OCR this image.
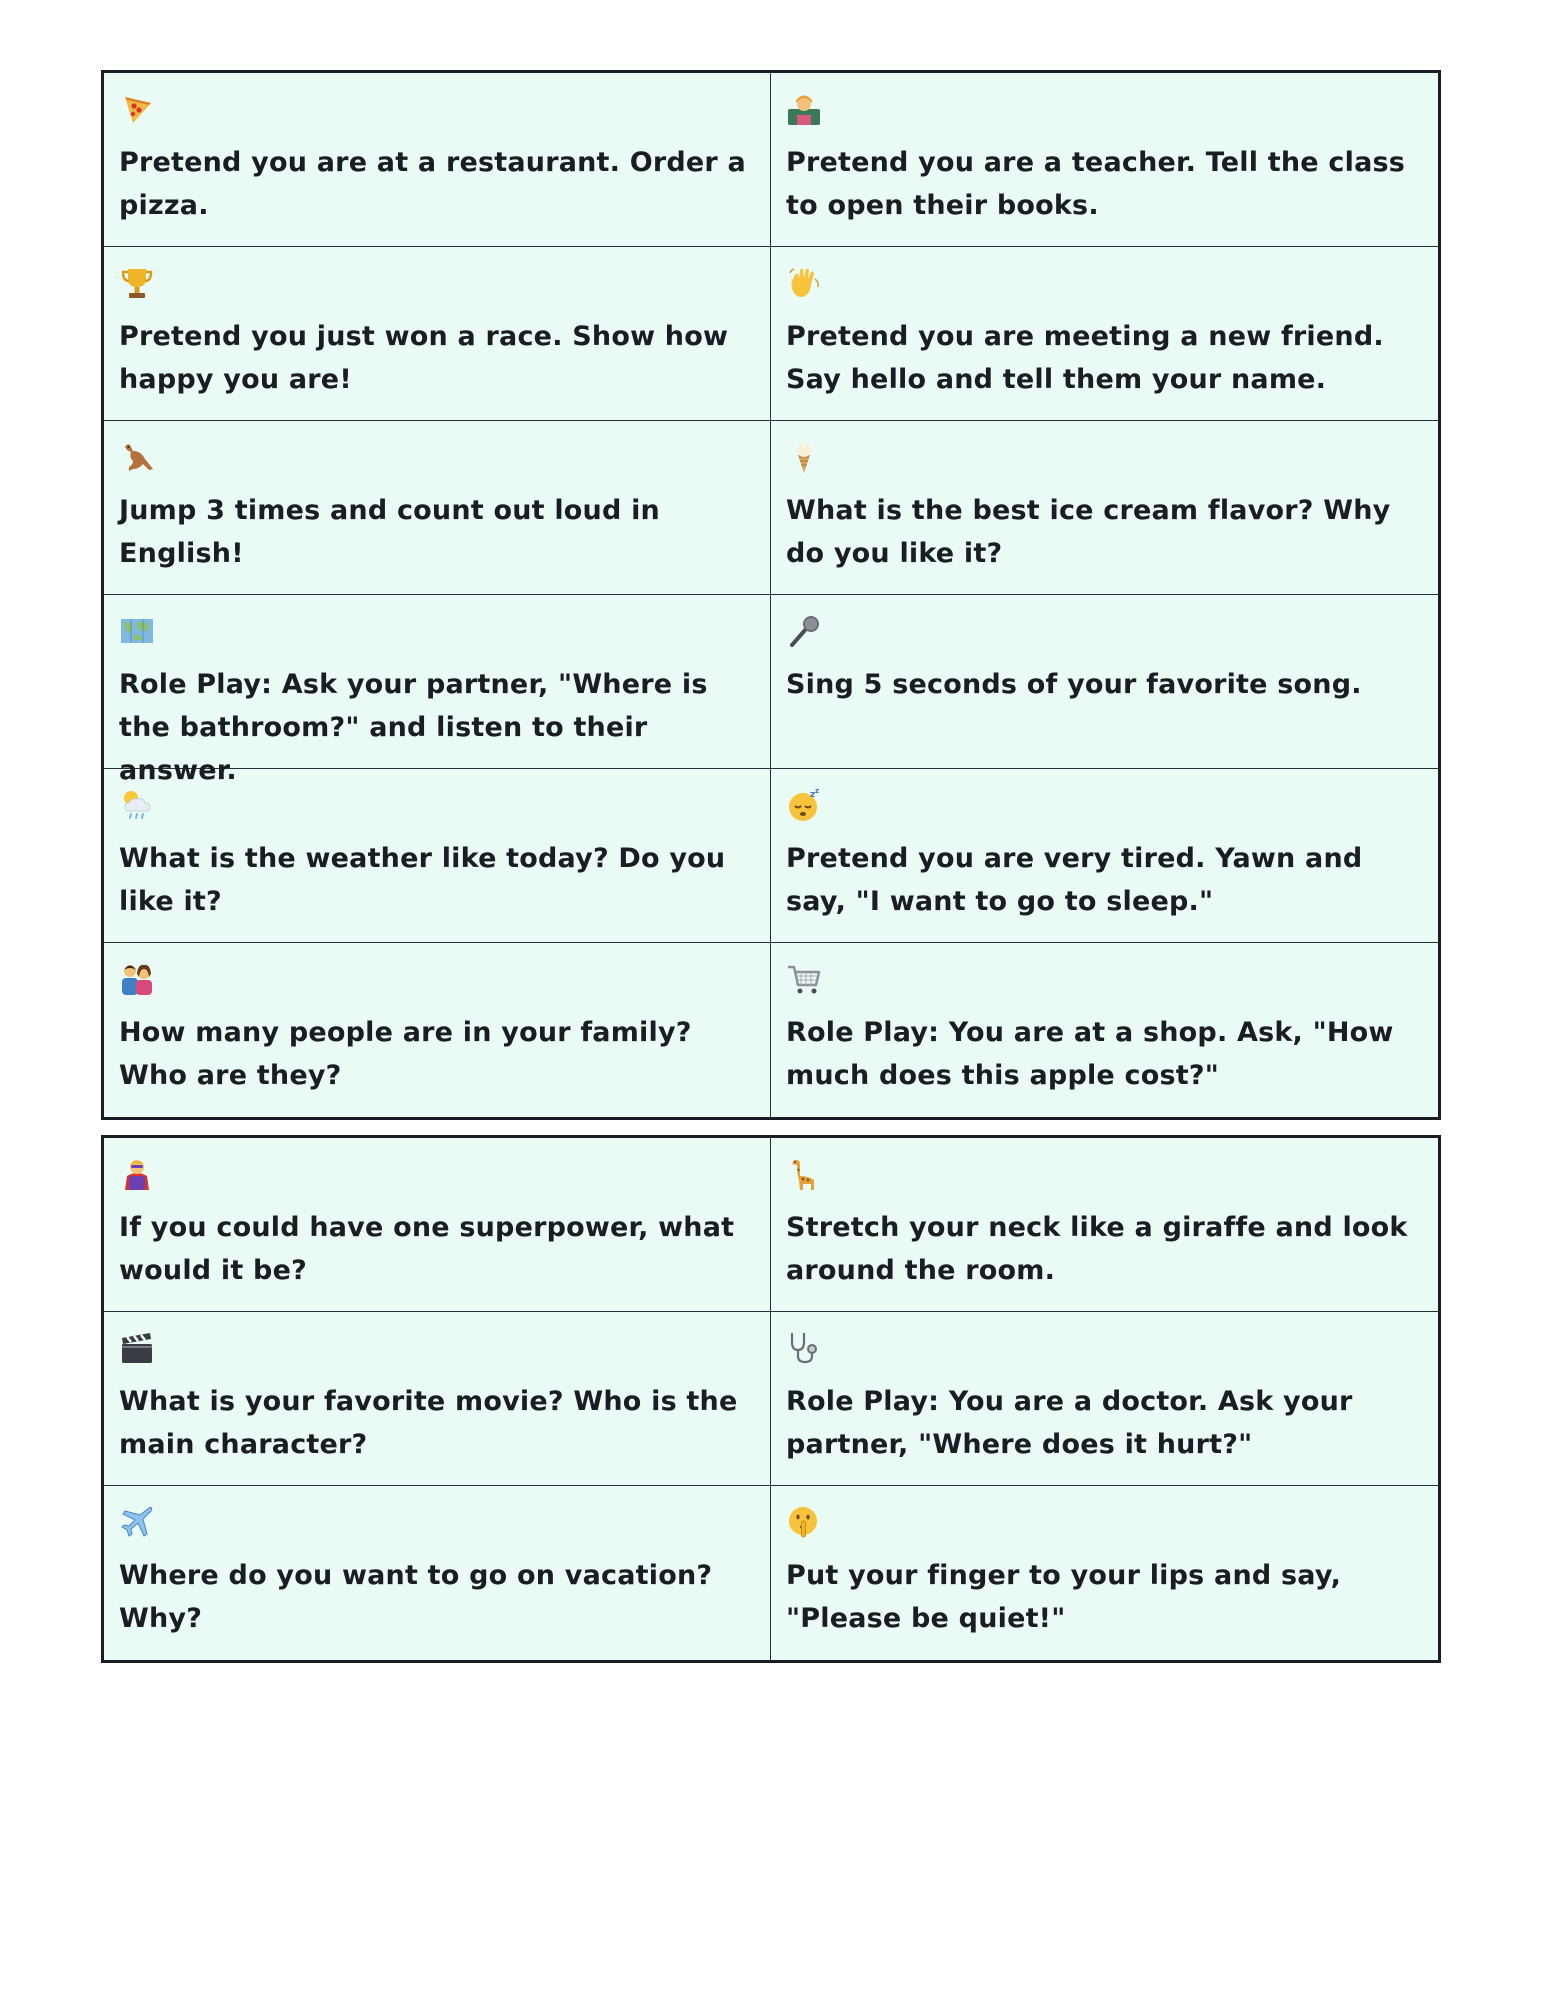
Pretend you are at a restaurant. Order a pizza.
Pretend you are a teacher. Tell the class to open their books.
Pretend you just won a race. Show how happy you are!
Pretend you are meeting a new friend. Say hello and tell them your name.
Jump 3 times and count out loud in English!
What is the best ice cream flavor? Why do you like it?
Role Play: Ask your partner, "Where is the bathroom?" and listen to their answer.
Sing 5 seconds of your favorite song.
What is the weather like today? Do you like it?
z z
Pretend you are very tired. Yawn and say, "I want to go to sleep."
How many people are in your family? Who are they?
Role Play: You are at a shop. Ask, "How much does this apple cost?"
If you could have one superpower, what would it be?
Stretch your neck like a giraffe and look around the room.
What is your favorite movie? Who is the main character?
Role Play: You are a doctor. Ask your partner, "Where does it hurt?"
Where do you want to go on vacation? Why?
Put your finger to your lips and say, "Please be quiet!"
